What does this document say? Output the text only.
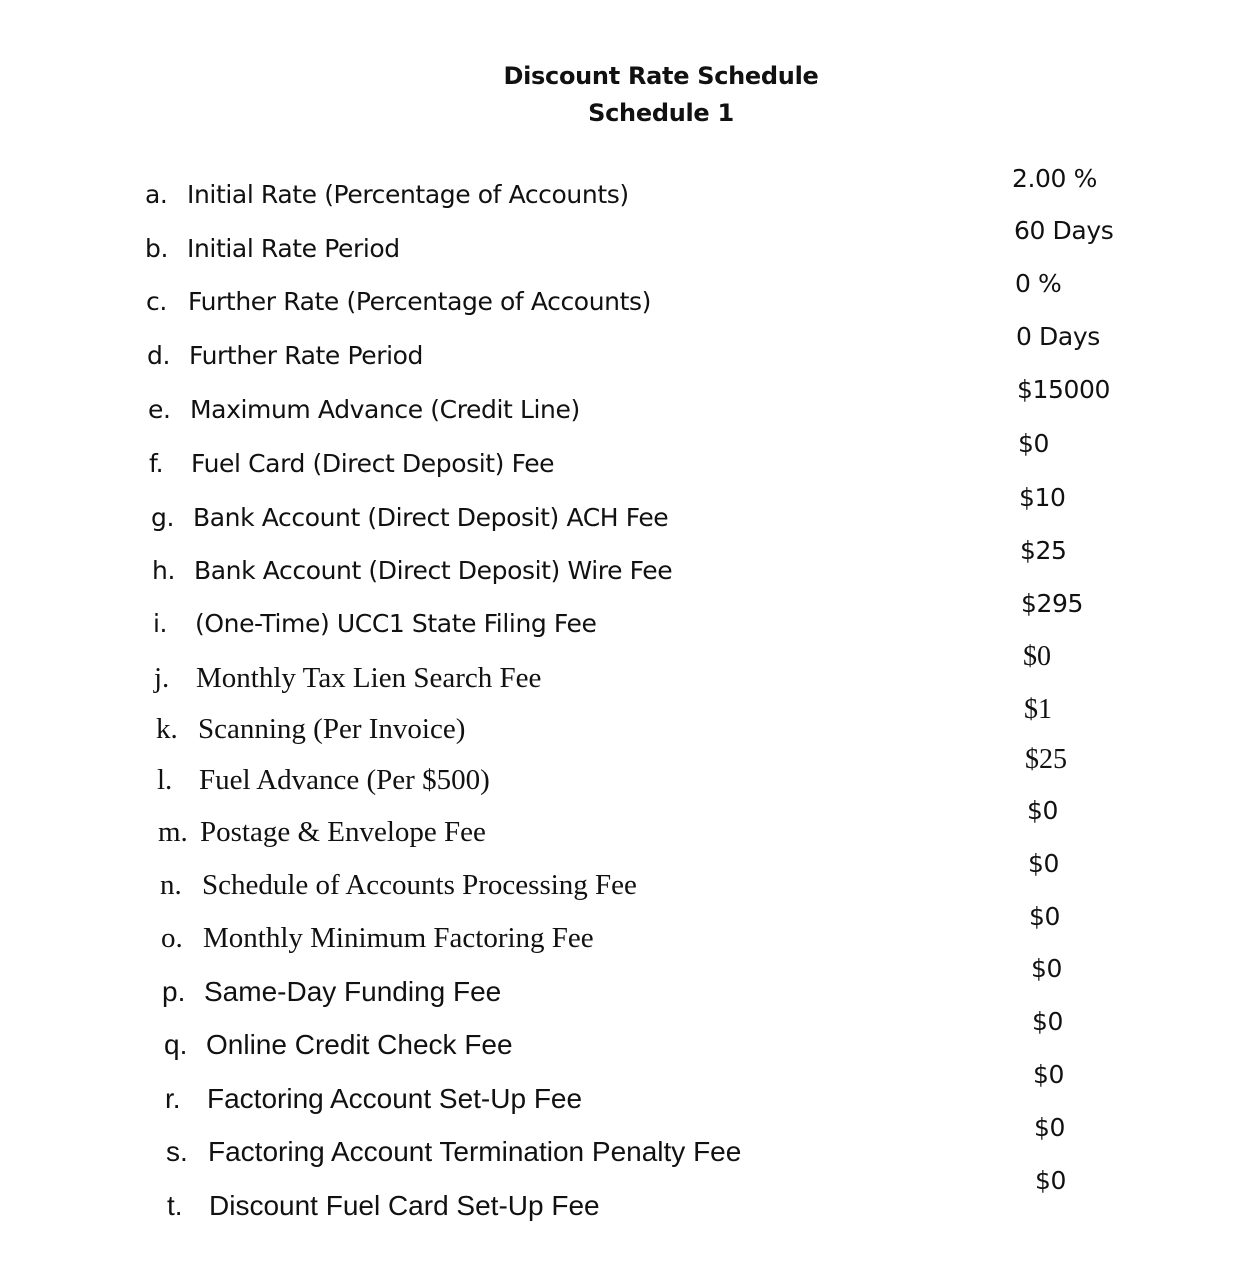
Discount Rate Schedule
Schedule 1
a. Initial Rate (Percentage of Accounts)
2.00 %
b. Initial Rate Period
60 Days
c. Further Rate (Percentage of Accounts)
0 %
d. Further Rate Period
0 Days
e. Maximum Advance (Credit Line)
$15000
f. Fuel Card (Direct Deposit) Fee
$0
g. Bank Account (Direct Deposit) ACH Fee
$10
h. Bank Account (Direct Deposit) Wire Fee
$25
i. (One-Time) UCC1 State Filing Fee
$295
j. Monthly Tax Lien Search Fee
$0
k. Scanning (Per Invoice)
$1
l. Fuel Advance (Per $500)
$25
m. Postage & Envelope Fee
$0
n. Schedule of Accounts Processing Fee
$0
o. Monthly Minimum Factoring Fee
$0
p. Same-Day Funding Fee
$0
q. Online Credit Check Fee
$0
r. Factoring Account Set-Up Fee
$0
s. Factoring Account Termination Penalty Fee
$0
t. Discount Fuel Card Set-Up Fee
$0
